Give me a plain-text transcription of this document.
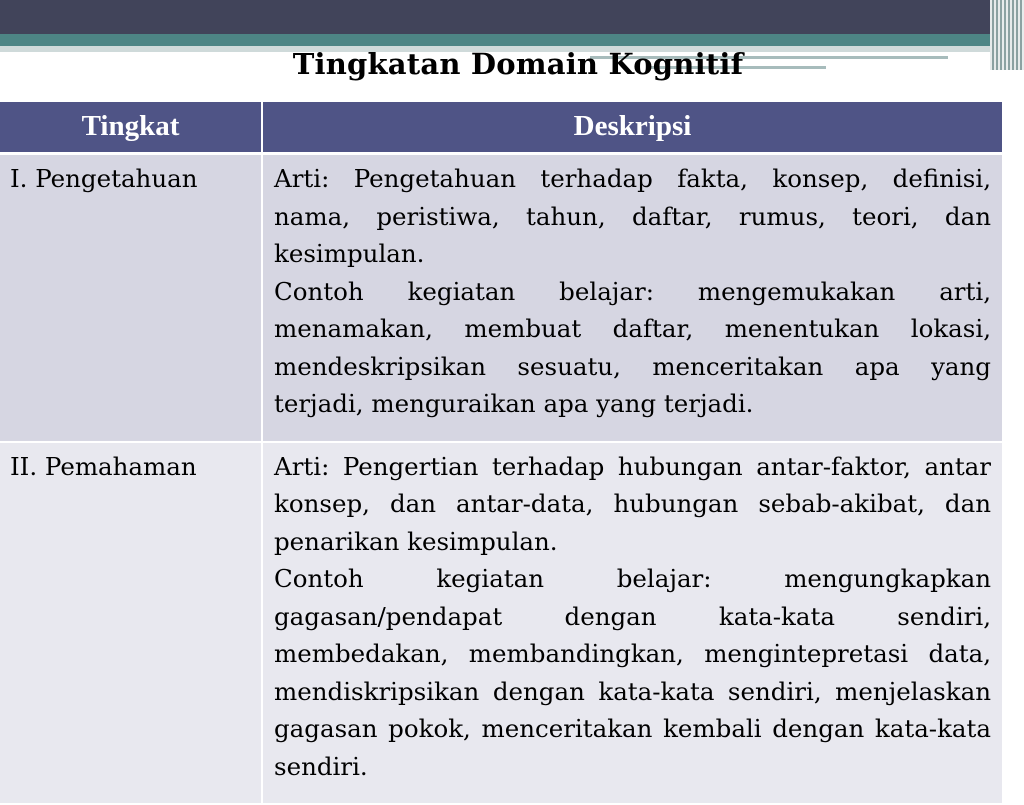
Tingkatan Domain Kognitif
Tingkat	Deskripsi
I. Pengetahuan	Arti: Pengetahuan terhadap fakta, konsep, definisi, nama, peristiwa, tahun, daftar, rumus, teori, dan kesimpulan.
Contoh kegiatan belajar: mengemukakan arti, menamakan, membuat daftar, menentukan lokasi, mendeskripsikan sesuatu, menceritakan apa yang terjadi, menguraikan apa yang terjadi.

II. Pemahaman	Arti: Pengertian terhadap hubungan antar-faktor, antar konsep, dan antar-data, hubungan sebab-akibat, dan penarikan kesimpulan.
Contoh kegiatan belajar: mengungkapkan gagasan/pendapat dengan kata-kata sendiri, membedakan, membandingkan, mengintepretasi data, mendiskripsikan dengan kata-kata sendiri, menjelaskan gagasan pokok, menceritakan kembali dengan kata-kata sendiri.
